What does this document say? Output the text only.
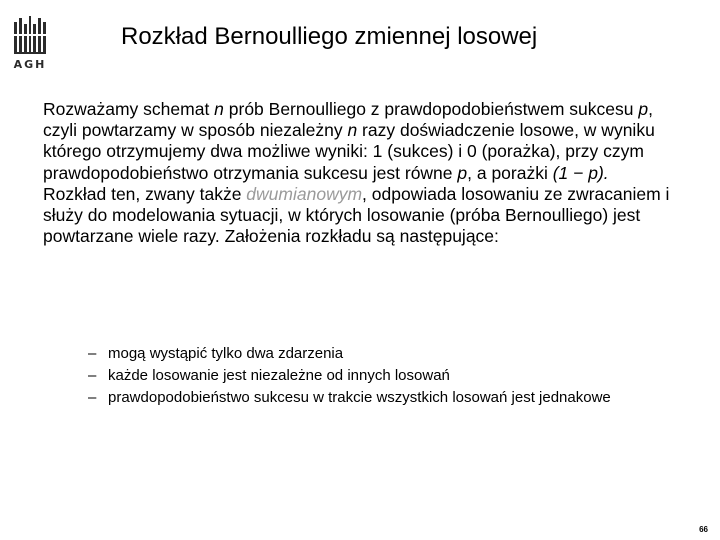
AGH
Rozkład Bernoulliego zmiennej losowej

Rozważamy schemat n prób Bernoulliego z prawdopodobieństwem sukcesu p, czyli powtarzamy w sposób niezależny n razy doświadczenie losowe, w wyniku którego otrzymujemy dwa możliwe wyniki: 1 (sukces) i 0 (porażka), przy czym prawdopodobieństwo otrzymania sukcesu jest równe p, a porażki (1 − p).

Rozkład ten, zwany także dwumianowym, odpowiada losowaniu ze zwracaniem i służy do modelowania sytuacji, w których losowanie (próba Bernoulliego) jest powtarzane wiele razy. Założenia rozkładu są następujące:

– mogą wystąpić tylko dwa zdarzenia
– każde losowanie jest niezależne od innych losowań
– prawdopodobieństwo sukcesu w trakcie wszystkich losowań jest jednakowe
66
